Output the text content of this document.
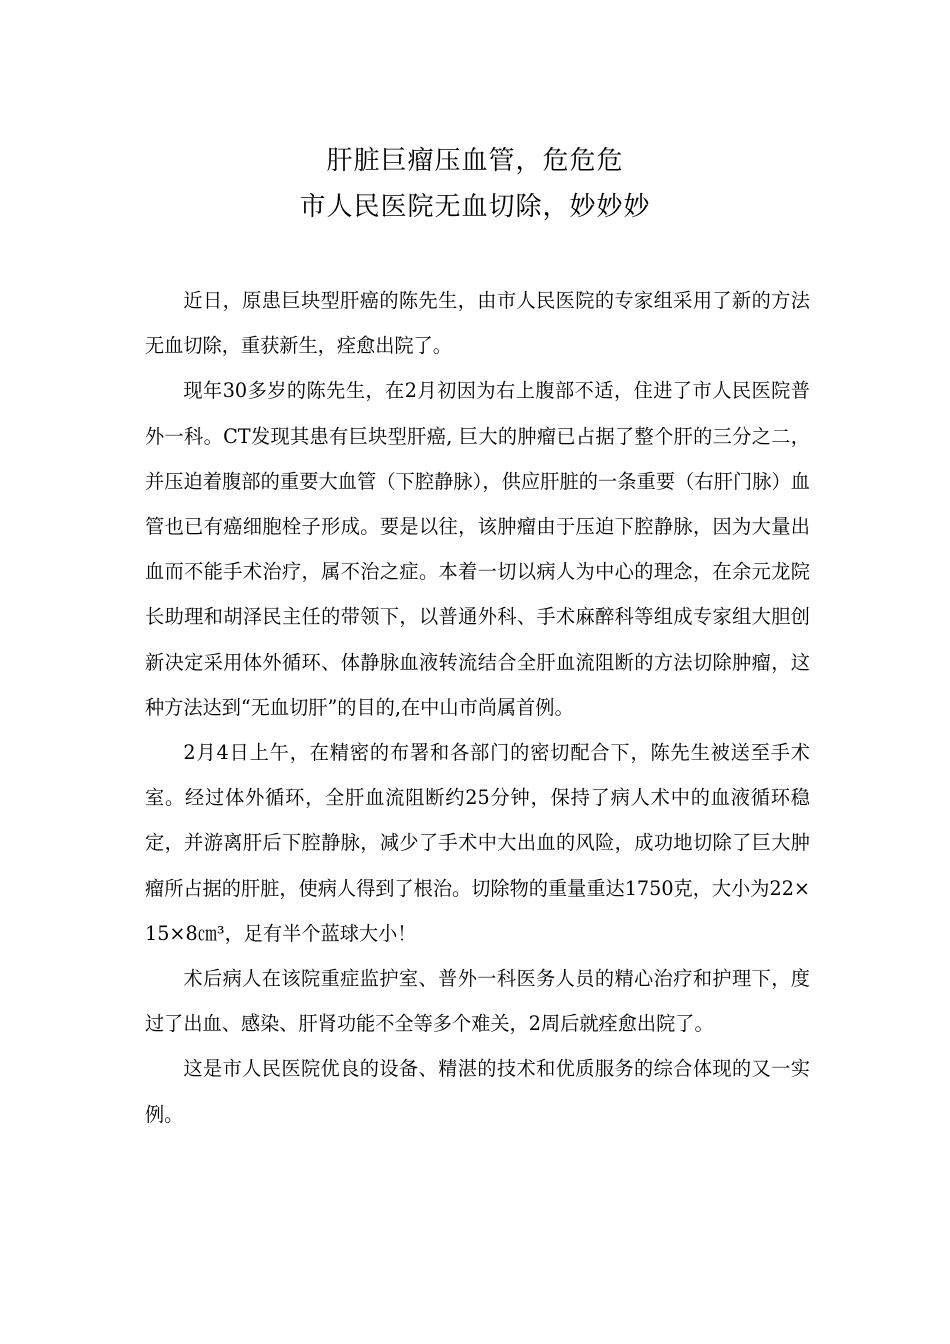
肝脏巨瘤压血管，危危危

市人民医院无血切除，妙妙妙

近日，原患巨块型肝癌的陈先生，由市人民医院的专家组采用了新的方法无血切除，重获新生，痊愈出院了。

现年30多岁的陈先生，在2月初因为右上腹部不适，住进了市人民医院普外一科。CT发现其患有巨块型肝癌, 巨大的肿瘤已占据了整个肝的三分之二，并压迫着腹部的重要大血管（下腔静脉），供应肝脏的一条重要（右肝门脉）血管也已有癌细胞栓子形成。要是以往，该肿瘤由于压迫下腔静脉，因为大量出血而不能手术治疗，属不治之症。本着一切以病人为中心的理念，在余元龙院长助理和胡泽民主任的带领下，以普通外科、手术麻醉科等组成专家组大胆创新决定采用体外循环、体静脉血液转流结合全肝血流阻断的方法切除肿瘤，这种方法达到“无血切肝”的目的,在中山市尚属首例。

2月4日上午，在精密的布署和各部门的密切配合下，陈先生被送至手术室。经过体外循环，全肝血流阻断约25分钟，保持了病人术中的血液循环稳定，并游离肝后下腔静脉，减少了手术中大出血的风险，成功地切除了巨大肿瘤所占据的肝脏，使病人得到了根治。切除物的重量重达1750克，大小为22×15×8㎝³，足有半个蓝球大小！

术后病人在该院重症监护室、普外一科医务人员的精心治疗和护理下，度过了出血、感染、肝肾功能不全等多个难关，2周后就痊愈出院了。

这是市人民医院优良的设备、精湛的技术和优质服务的综合体现的又一实例。
